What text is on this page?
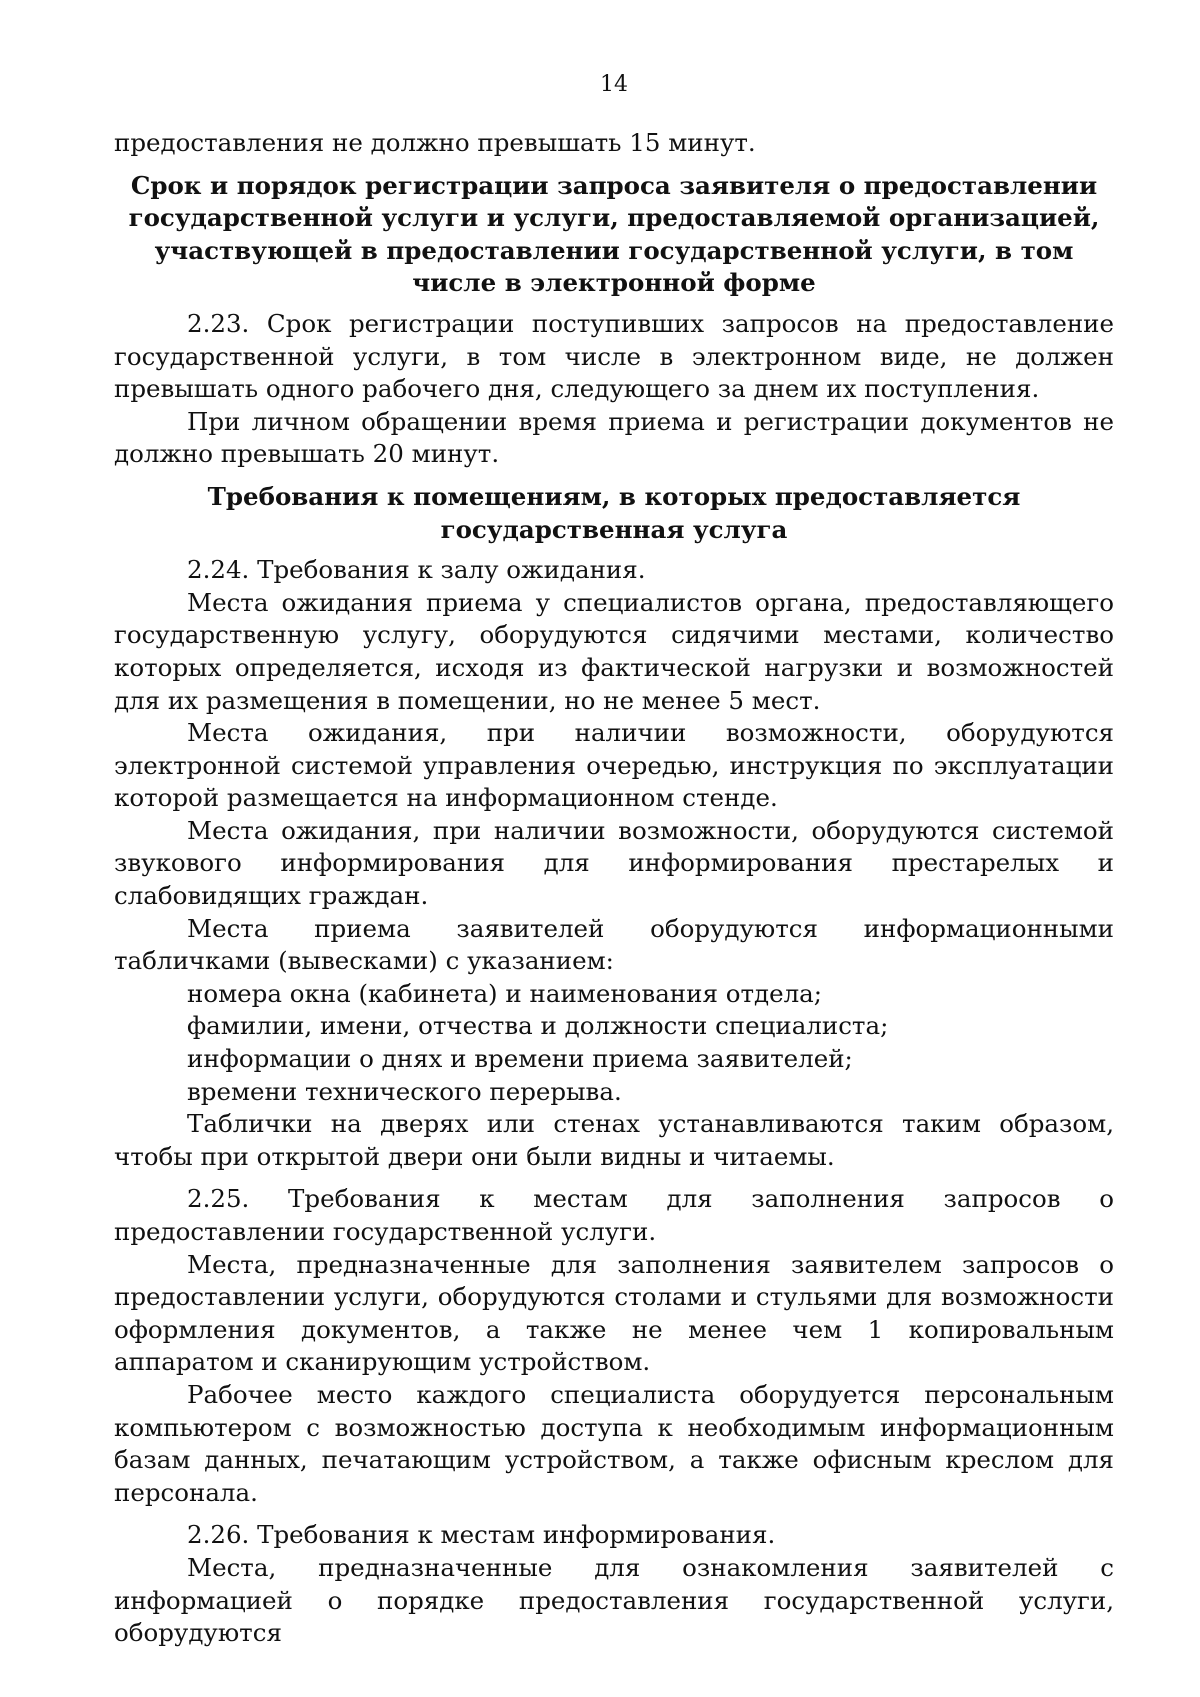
14

предоставления не должно превышать 15 минут.

Срок и порядок регистрации запроса заявителя о предоставлении государственной услуги и услуги, предоставляемой организацией, участвующей в предоставлении государственной услуги, в том числе в электронной форме

2.23. Срок регистрации поступивших запросов на предоставление государственной услуги, в том числе в электронном виде, не должен превышать одного рабочего дня, следующего за днем их поступления.

При личном обращении время приема и регистрации документов не должно превышать 20 минут.

Требования к помещениям, в которых предоставляется государственная услуга

2.24. Требования к залу ожидания.

Места ожидания приема у специалистов органа, предоставляющего государственную услугу, оборудуются сидячими местами, количество которых определяется, исходя из фактической нагрузки и возможностей для их размещения в помещении, но не менее 5 мест.

Места ожидания, при наличии возможности, оборудуются электронной системой управления очередью, инструкция по эксплуатации которой размещается на информационном стенде.

Места ожидания, при наличии возможности, оборудуются системой звукового информирования для информирования престарелых и слабовидящих граждан.

Места приема заявителей оборудуются информационными табличками (вывесками) с указанием:

номера окна (кабинета) и наименования отдела;

фамилии, имени, отчества и должности специалиста;

информации о днях и времени приема заявителей;

времени технического перерыва.

Таблички на дверях или стенах устанавливаются таким образом, чтобы при открытой двери они были видны и читаемы.

2.25. Требования к местам для заполнения запросов о предоставлении государственной услуги.

Места, предназначенные для заполнения заявителем запросов о предоставлении услуги, оборудуются столами и стульями для возможности оформления документов, а также не менее чем 1 копировальным аппаратом и сканирующим устройством.

Рабочее место каждого специалиста оборудуется персональным компьютером с возможностью доступа к необходимым информационным базам данных, печатающим устройством, а также офисным креслом для персонала.

2.26. Требования к местам информирования.

Места, предназначенные для ознакомления заявителей с информацией о порядке предоставления государственной услуги, оборудуются
